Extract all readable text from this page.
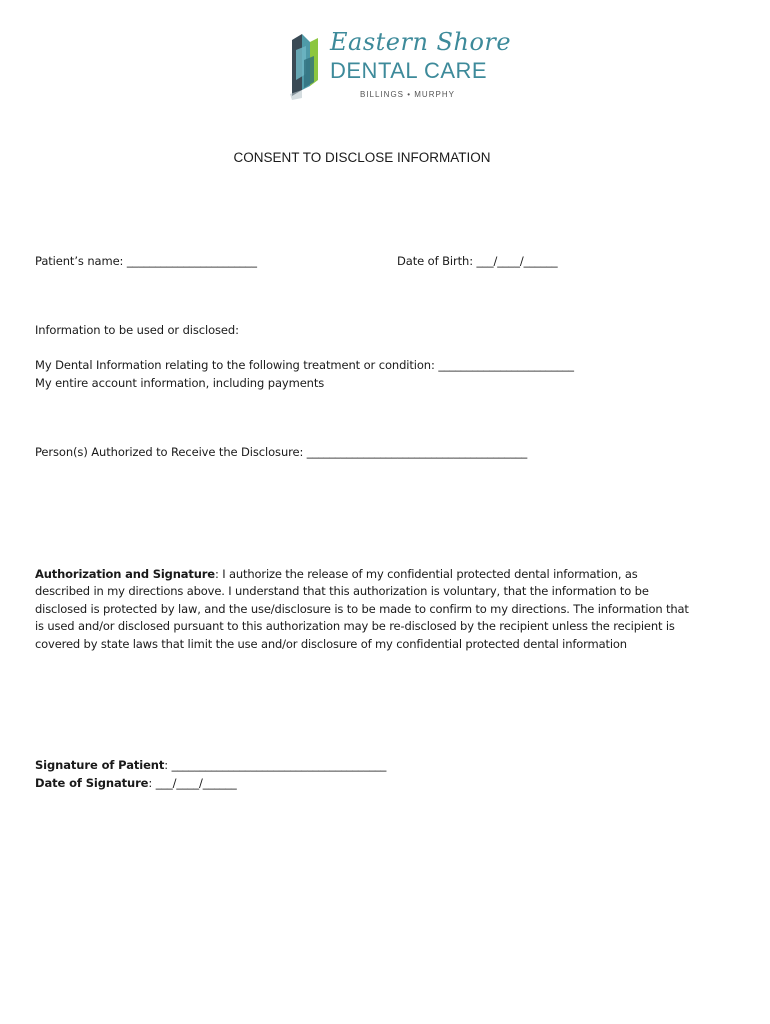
Eastern Shore
DENTAL CARE
BILLINGS • MURPHY
CONSENT TO DISCLOSE INFORMATION
Patient’s name: _______________________	Date of Birth: ___/____/______
Information to be used or disclosed:
My Dental Information relating to the following treatment or condition: ________________________
My entire account information, including payments
Person(s) Authorized to Receive the Disclosure: _______________________________________
Authorization and Signature: I authorize the release of my confidential protected dental information, as described in my directions above. I understand that this authorization is voluntary, that the information to be disclosed is protected by law, and the use/disclosure is to be made to confirm to my directions. The information that is used and/or disclosed pursuant to this authorization may be re-disclosed by the recipient unless the recipient is covered by state laws that limit the use and/or disclosure of my confidential protected dental information
Signature of Patient: ______________________________________
Date of Signature: ___/____/______
